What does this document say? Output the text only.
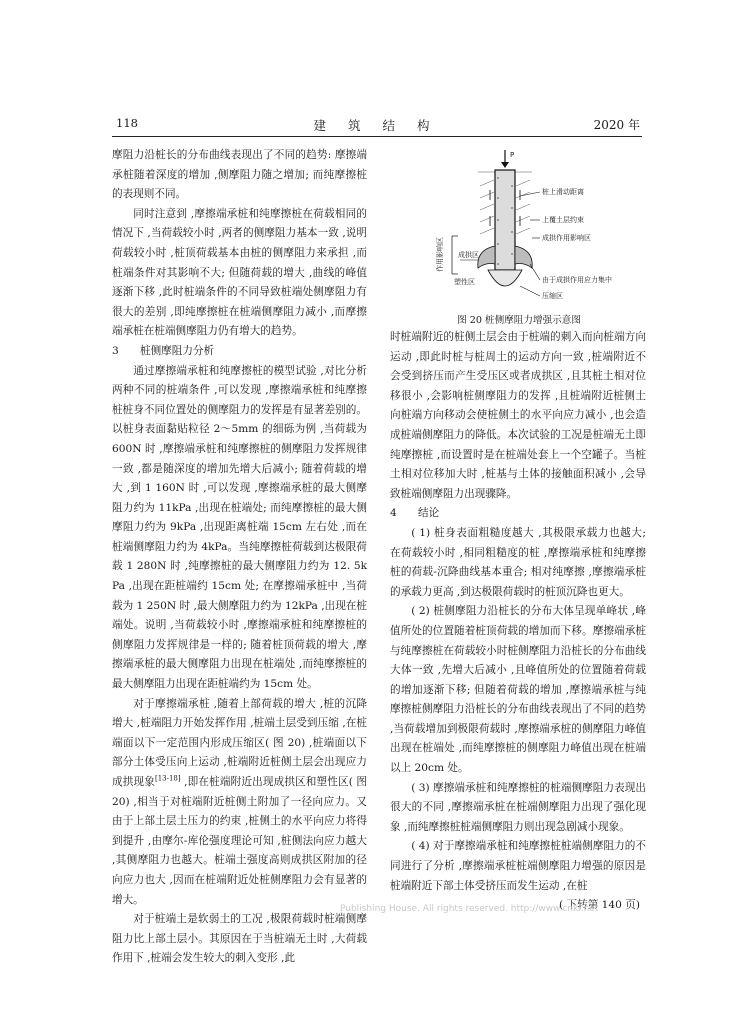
118	建 筑 结 构	2020 年

摩阻力沿桩长的分布曲线表现出了不同的趋势: 摩擦端承桩随着深度的增加 ,侧摩阻力随之增加; 而纯摩擦桩的表现则不同。

同时注意到 ,摩擦端承桩和纯摩擦桩在荷载相同的情况下 ,当荷载较小时 ,两者的侧摩阻力基本一致 ,说明荷载较小时 ,桩顶荷载基本由桩的侧摩阻力来承担 ,而桩端条件对其影响不大; 但随荷载的增大 ,曲线的峰值逐渐下移 ,此时桩端条件的不同导致桩端处侧摩阻力有很大的差别 ,即纯摩擦桩在桩端侧摩阻力减小 ,而摩擦端承桩在桩端侧摩阻力仍有增大的趋势。

3 桩侧摩阻力分析

通过摩擦端承桩和纯摩擦桩的模型试验 ,对比分析两种不同的桩端条件 ,可以发现 ,摩擦端承桩和纯摩擦桩桩身不同位置处的侧摩阻力的发挥是有显著差别的。以桩身表面黏贴粒径 2～5mm 的细砾为例 ,当荷载为 600N 时 ,摩擦端承桩和纯摩擦桩的侧摩阻力发挥规律一致 ,都是随深度的增加先增大后减小; 随着荷载的增大 ,到 1 160N 时 ,可以发现 ,摩擦端承桩的最大侧摩阻力约为 11kPa ,出现在桩端处; 而纯摩擦桩的最大侧摩阻力约为 9kPa ,出现距离桩端 15cm 左右处 ,而在桩端侧摩阻力约为 4kPa。当纯摩擦桩荷载到达极限荷载 1 280N 时 ,纯摩擦桩的最大侧摩阻力约为 12. 5kPa ,出现在距桩端约 15cm 处; 在摩擦端承桩中 ,当荷载为 1 250N 时 ,最大侧摩阻力约为 12kPa ,出现在桩端处。说明 ,当荷载较小时 ,摩擦端承桩和纯摩擦桩的侧摩阻力发挥规律是一样的; 随着桩顶荷载的增大 ,摩擦端承桩的最大侧摩阻力出现在桩端处 ,而纯摩擦桩的最大侧摩阻力出现在距桩端约为 15cm 处。

对于摩擦端承桩 ,随着上部荷载的增大 ,桩的沉降增大 ,桩端阻力开始发挥作用 ,桩端土层受到压缩 ,在桩端面以下一定范围内形成压缩区( 图 20) ,桩端面以下部分土体受压向上运动 ,桩端附近桩侧土层会出现应力成拱现象[13-18] ,即在桩端附近出现成拱区和塑性区( 图 20) ,相当于对桩端附近桩侧土附加了一径向应力。又由于上部土层土压力的约束 ,桩侧土的水平向应力将得到提升 ,由摩尔-库伦强度理论可知 ,桩侧法向应力越大 ,其侧摩阻力也越大。桩端土强度高则成拱区附加的径向应力也大 ,因而在桩端附近处桩侧摩阻力会有显著的增大。

对于桩端土是软弱土的工况 ,极限荷载时桩端侧摩阻力比上部土层小。其原因在于当桩端无土时 ,大荷载作用下 ,桩端会发生较大的刺入变形 ,此

P
作用影响区 成拱区
塑性区
桩上滑动距离
上覆土层约束
成拱作用影响区
由于成拱作用应力集中
压缩区
图 20 桩侧摩阻力增强示意图

时桩端附近的桩侧土层会由于桩端的刺入而向桩端方向运动 ,即此时桩与桩周土的运动方向一致 ,桩端附近不会受到挤压而产生受压区或者成拱区 ,且其桩土相对位移很小 ,会影响桩侧摩阻力的发挥 ,且桩端附近桩侧土向桩端方向移动会使桩侧土的水平向应力减小 ,也会造成桩端侧摩阻力的降低。本次试验的工况是桩端无土即纯摩擦桩 ,而设置时是在桩端处套上一个空罐子。当桩土相对位移加大时 ,桩基与土体的接触面积减小 ,会导致桩端侧摩阻力出现骤降。

4 结论

( 1) 桩身表面粗糙度越大 ,其极限承载力也越大; 在荷载较小时 ,相同粗糙度的桩 ,摩擦端承桩和纯摩擦桩的荷载-沉降曲线基本重合; 相对纯摩擦 ,摩擦端承桩的承载力更高 ,到达极限荷载时的桩顶沉降也更大。

( 2) 桩侧摩阻力沿桩长的分布大体呈现单峰状 ,峰值所处的位置随着桩顶荷载的增加而下移。摩擦端承桩与纯摩擦桩在荷载较小时桩侧摩阻力沿桩长的分布曲线大体一致 ,先增大后减小 ,且峰值所处的位置随着荷载的增加逐渐下移; 但随着荷载的增加 ,摩擦端承桩与纯摩擦桩侧摩阻力沿桩长的分布曲线表现出了不同的趋势 ,当荷载增加到极限荷载时 ,摩擦端承桩的侧摩阻力峰值出现在桩端处 ,而纯摩擦桩的侧摩阻力峰值出现在桩端以上 20cm 处。

( 3) 摩擦端承桩和纯摩擦桩的桩端侧摩阻力表现出很大的不同 ,摩擦端承桩在桩端侧摩阻力出现了强化现象 ,而纯摩擦桩桩端侧摩阻力则出现急剧减小现象。

( 4) 对于摩擦端承桩和纯摩擦桩桩端侧摩阻力的不同进行了分析 ,摩擦端承桩桩端侧摩阻力增强的原因是桩端附近下部土体受挤压而发生运动 ,在桩

( 下转第 140 页)
Publishing House. All rights reserved. http://www.cnki.net
